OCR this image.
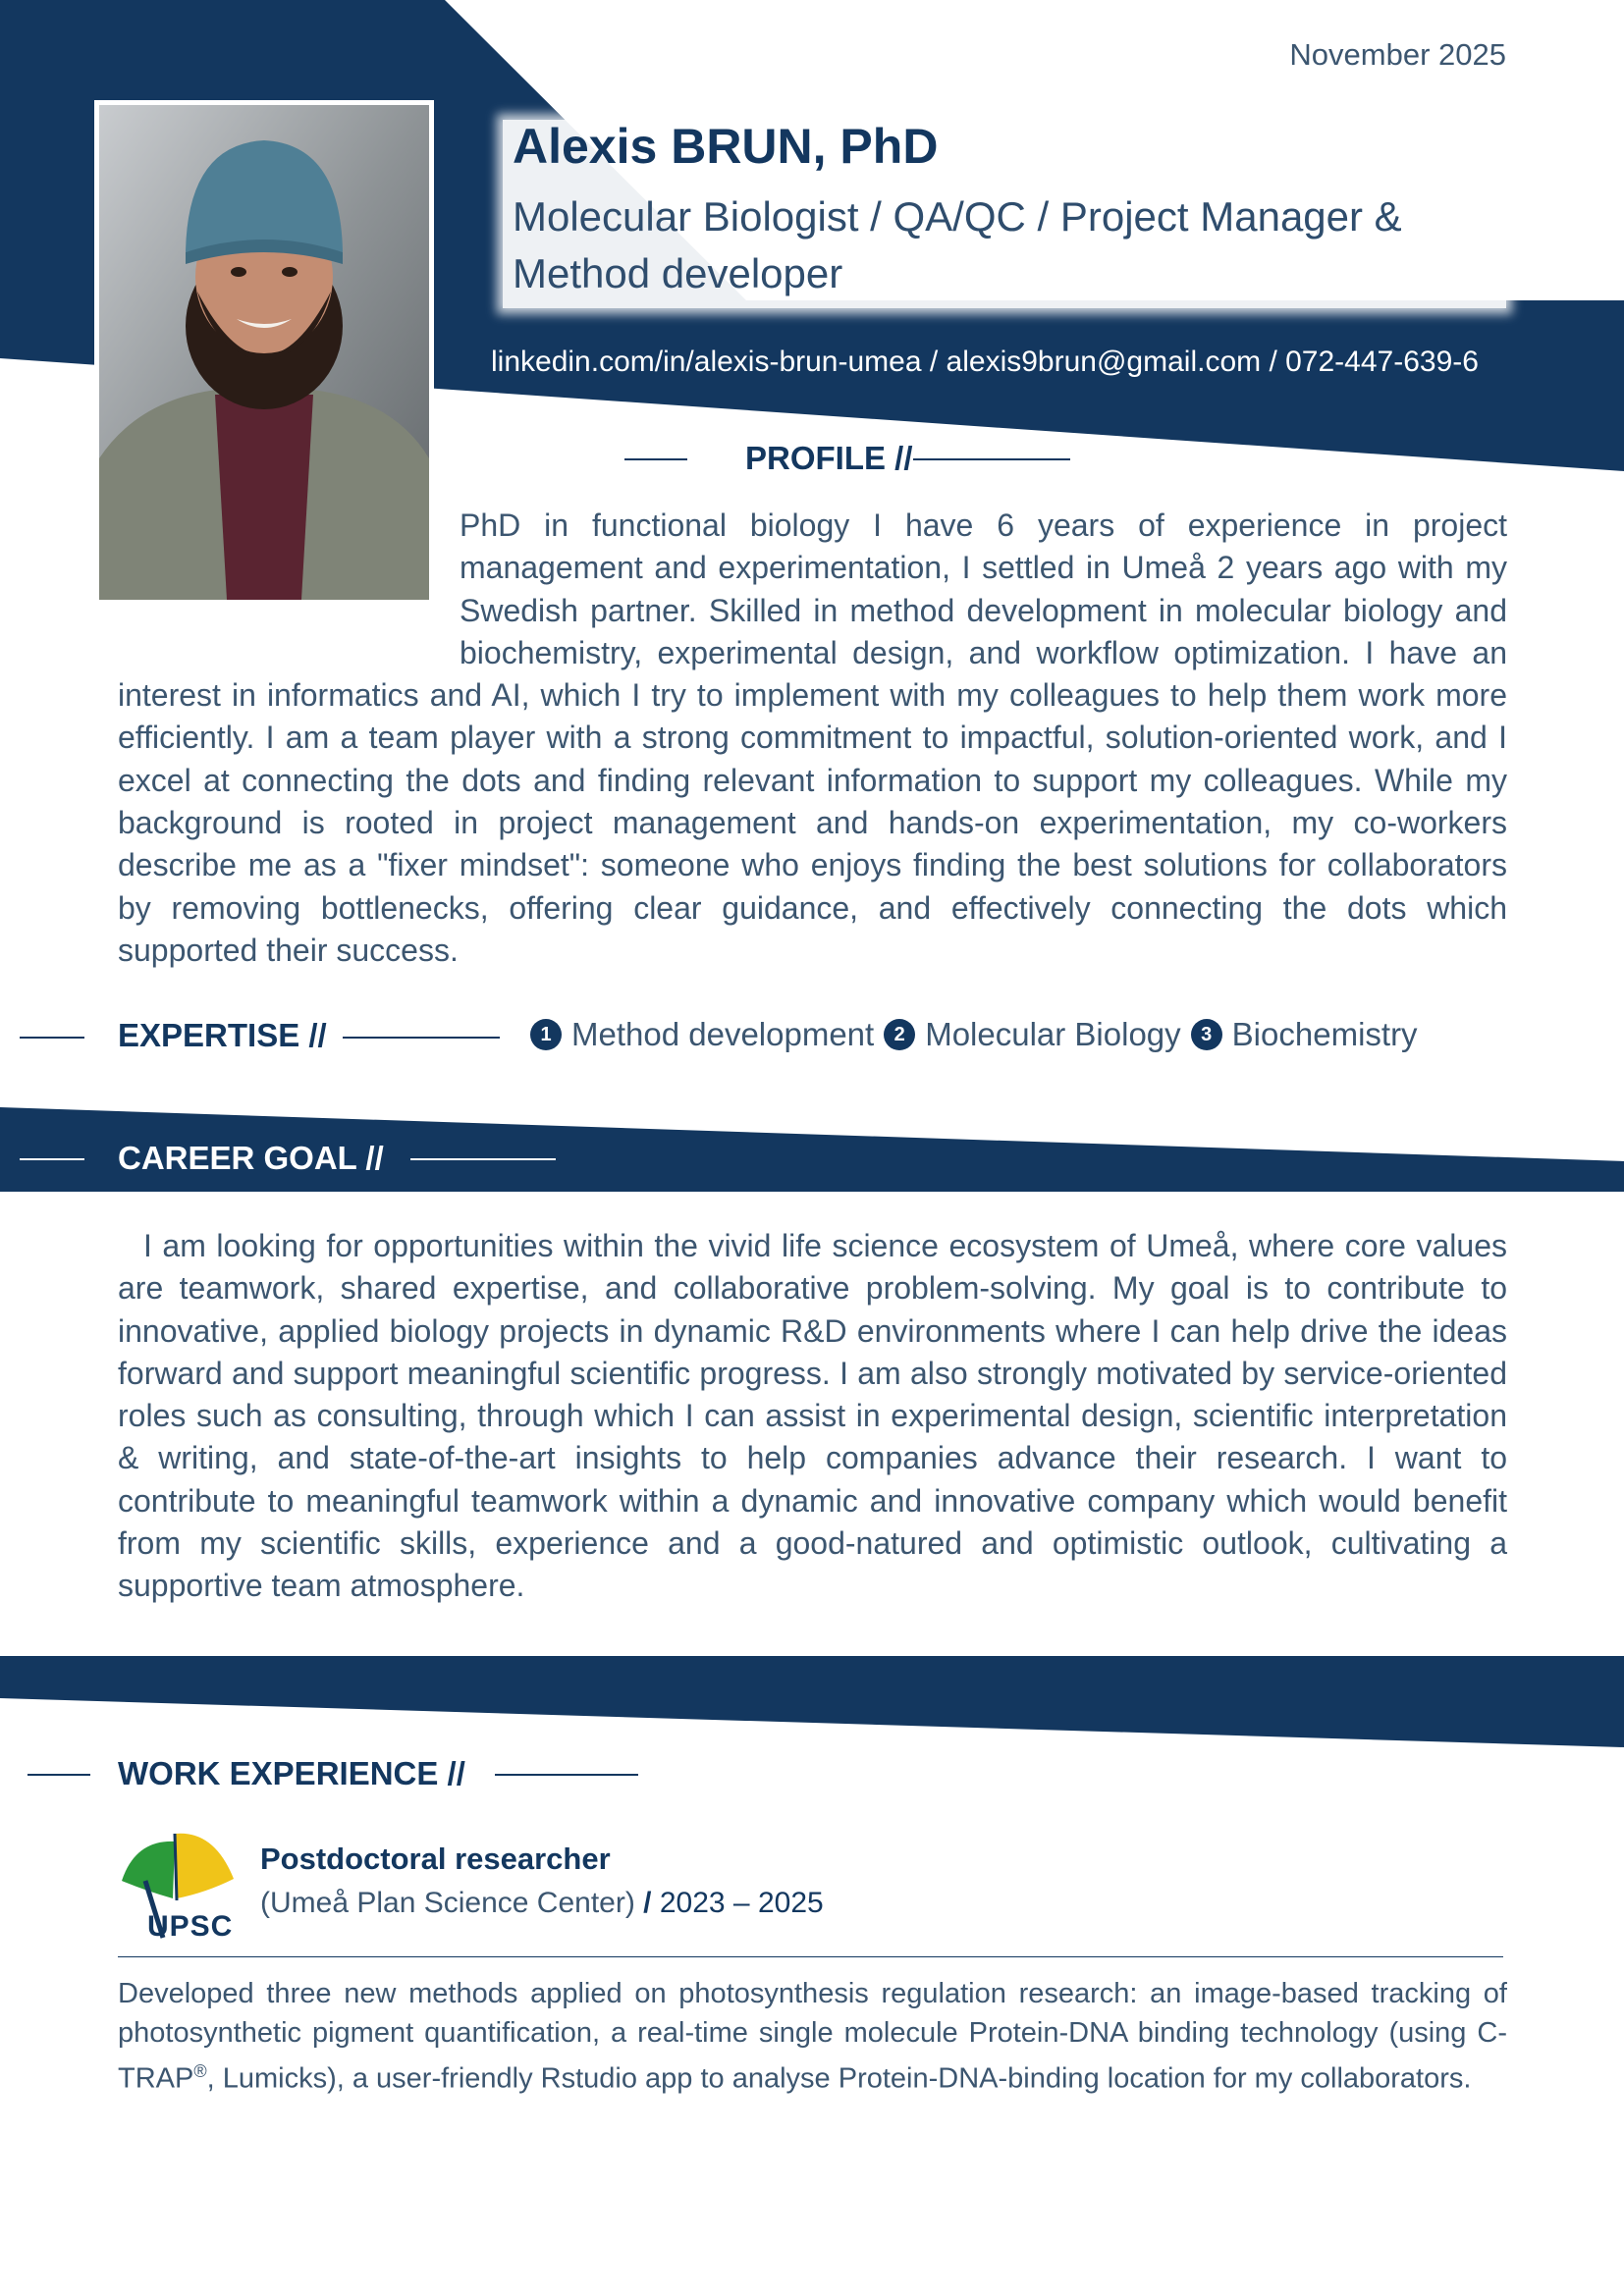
November 2025
Alexis BRUN, PhD
Molecular Biologist / QA/QC / Project Manager & Method developer
linkedin.com/in/alexis-brun-umea / alexis9brun@gmail.com / 072-447-639-6
PROFILE //

PhD in functional biology I have 6 years of experience in project management and experimentation, I settled in Umeå 2 years ago with my Swedish partner. Skilled in method development in molecular biology and biochemistry, experimental design, and workflow optimization. I have an interest in informatics and AI, which I try to implement with my colleagues to help them work more efficiently. I am a team player with a strong commitment to impactful, solution-oriented work, and I excel at connecting the dots and finding relevant information to support my colleagues. While my background is rooted in project management and hands-on experimentation, my co-workers describe me as a "fixer mindset": someone who enjoys finding the best solutions for collaborators by removing bottlenecks, offering clear guidance, and effectively connecting the dots which supported their success.

EXPERTISE //	1 Method development	2 Molecular Biology	3 Biochemistry
CAREER GOAL //
I am looking for opportunities within the vivid life science ecosystem of Umeå, where core values are teamwork, shared expertise, and collaborative problem-solving. My goal is to contribute to innovative, applied biology projects in dynamic R&D environments where I can help drive the ideas forward and support meaningful scientific progress. I am also strongly motivated by service-oriented roles such as consulting, through which I can assist in experimental design, scientific interpretation & writing, and state-of-the-art insights to help companies advance their research. I want to contribute to meaningful teamwork within a dynamic and innovative company which would benefit from my scientific skills, experience and a good-natured and optimistic outlook, cultivating a supportive team atmosphere.
WORK EXPERIENCE //
UPSC
Postdoctoral researcher
(Umeå Plan Science Center) / 2023 – 2025
Developed three new methods applied on photosynthesis regulation research: an image-based tracking of photosynthetic pigment quantification, a real-time single molecule Protein-DNA binding technology (using C-TRAP®, Lumicks), a user-friendly Rstudio app to analyse Protein-DNA-binding location for my collaborators.
